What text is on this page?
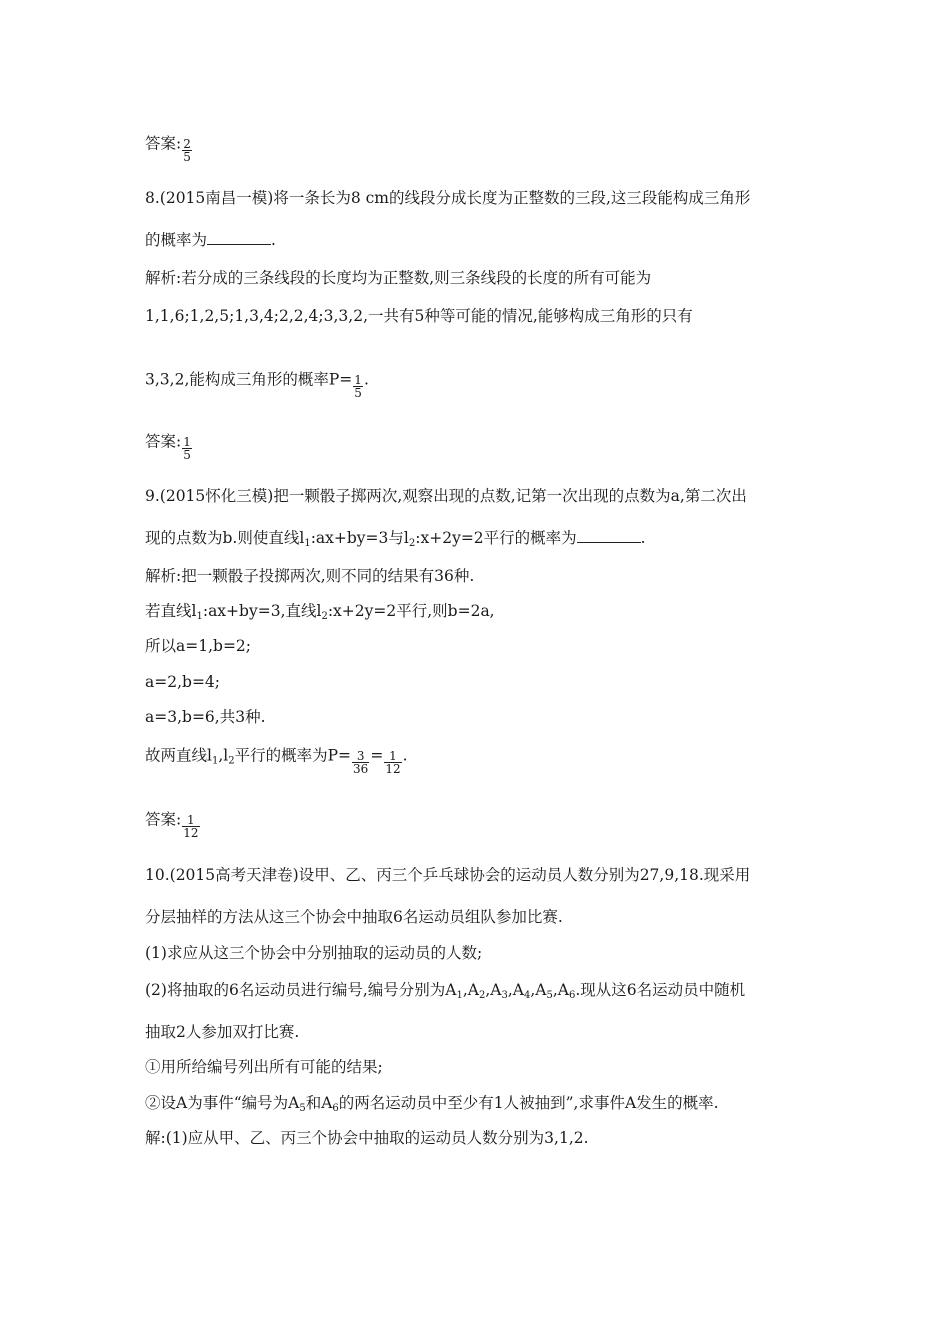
答案: $\frac{2}{5}$
8.(2015南昌一模)将一条长为8 cm的线段分成长度为正整数的三段,这三段能构成三角形
的概率为	.
解析:若分成的三条线段的长度均为正整数,则三条线段的长度的所有可能为
1,1,6;1,2,5;1,3,4;2,2,4;3,3,2,一共有5种等可能的情况,能够构成三角形的只有
3,3,2,能构成三角形的概率$P= \frac{1}{5}$ .
答案: $\frac{1}{5}$
9.(2015怀化三模)把一颗骰子掷两次,观察出现的点数,记第一次出现的点数为a,第二次出
现的点数为b.则使直线$l_1:ax+by=3$与$l_2:x+2y=2$平行的概率为	.
解析:把一颗骰子投掷两次,则不同的结果有36种.
若直线$l_1:ax+by=3$,直线$l_2:x+2y=2$平行,则b=2a,
所以a=1,b=2;
a=2,b=4;
a=3,b=6,共3种.
故两直线$l_1,l_2$平行的概率为$P= \frac{3}{36} = \frac{1}{12}$ .
答案: $\frac{1}{12}$
10.(2015高考天津卷)设甲、乙、丙三个乒乓球协会的运动员人数分别为27,9,18.现采用
分层抽样的方法从这三个协会中抽取6名运动员组队参加比赛.
(1)求应从这三个协会中分别抽取的运动员的人数;
(2)将抽取的6名运动员进行编号,编号分别为$A_1,A_2,A_3,A_4,A_5,A_6$.现从这6名运动员中随机
抽取2人参加双打比赛.
①用所给编号列出所有可能的结果;
②设A为事件“编号为$A_5$和$A_6$的两名运动员中至少有1人被抽到”,求事件A发生的概率.
解:(1)应从甲、乙、丙三个协会中抽取的运动员人数分别为3,1,2.
